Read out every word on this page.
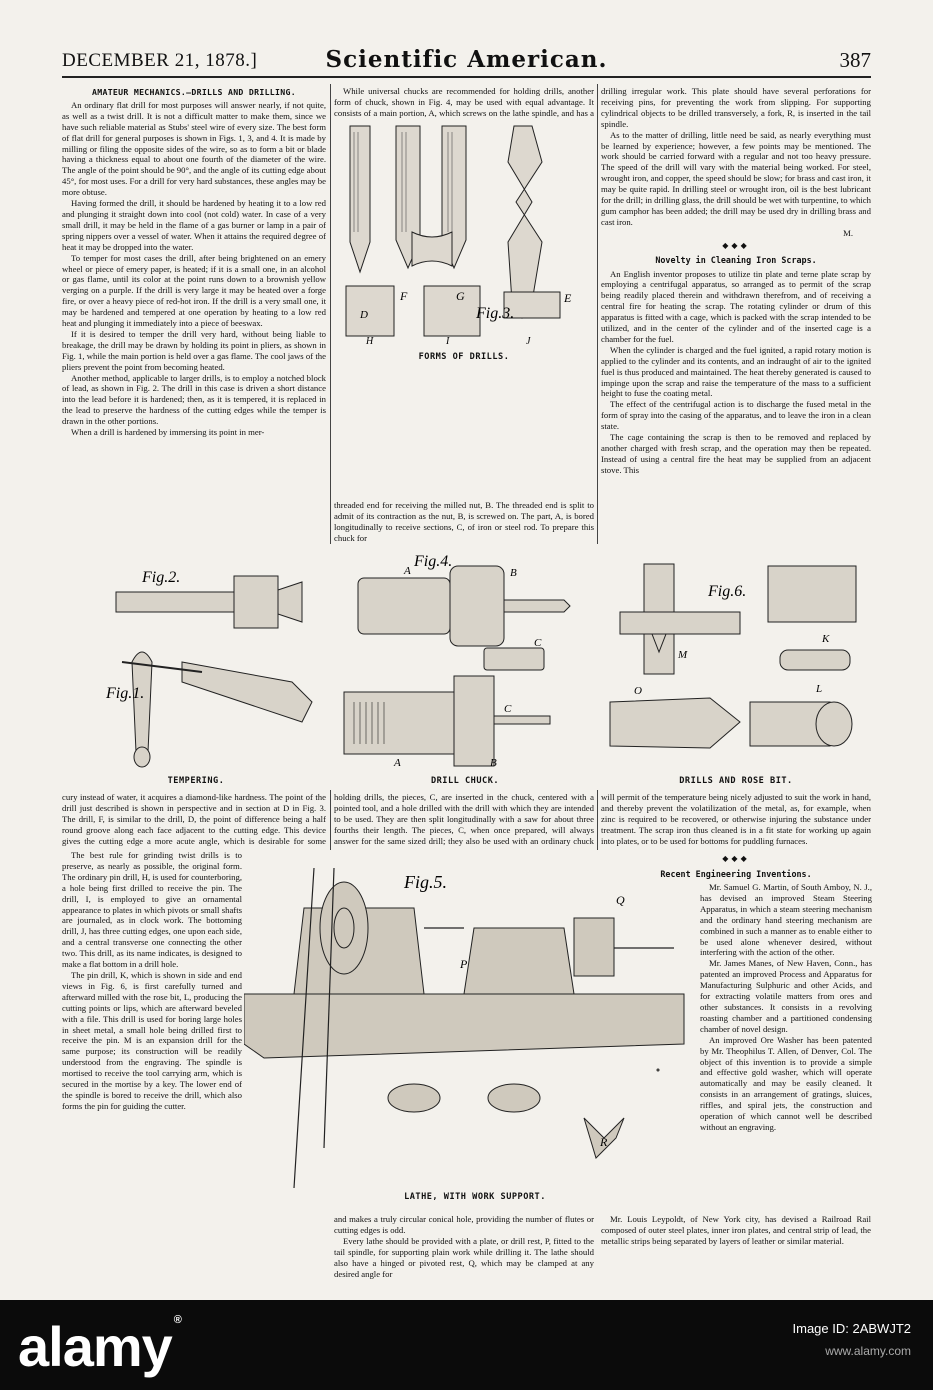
DECEMBER 21, 1878.]	Scientific American.	387
AMATEUR MECHANICS.—DRILLS AND DRILLING.

An ordinary flat drill for most purposes will answer nearly, if not quite, as well as a twist drill. It is not a difficult matter to make them, since we have such reliable material as Stubs' steel wire of every size. The best form of flat drill for general purposes is shown in Figs. 1, 3, and 4. It is made by milling or filing the opposite sides of the wire, so as to form a bit or blade having a thickness equal to about one fourth of the diameter of the wire. The angle of the point should be 90°, and the angle of its cutting edge about 45°, for most uses. For a drill for very hard substances, these angles may be more obtuse.

Having formed the drill, it should be hardened by heating it to a low red and plunging it straight down into cool (not cold) water. In case of a very small drill, it may be held in the flame of a gas burner or lamp in a pair of spring nippers over a vessel of water. When it attains the required degree of heat it may be dropped into the water.

To temper for most cases the drill, after being brightened on an emery wheel or piece of emery paper, is heated; if it is a small one, in an alcohol or gas flame, until its color at the point runs down to a brownish yellow verging on a purple. If the drill is very large it may be heated over a forge fire, or over a heavy piece of red-hot iron. If the drill is a very small one, it may be hardened and tempered at one operation by heating to a low red heat and plunging it immediately into a piece of beeswax.

If it is desired to temper the drill very hard, without being liable to breakage, the drill may be drawn by holding its point in pliers, as shown in Fig. 1, while the main portion is held over a gas flame. The cool jaws of the pliers prevent the point from becoming heated.

Another method, applicable to larger drills, is to employ a notched block of lead, as shown in Fig. 2. The drill in this case is driven a short distance into the lead before it is hardened; then, as it is tempered, it is replaced in the lead to preserve the hardness of the cutting edges while the temper is drawn in the other portions.

When a drill is hardened by immersing its point in mer-

While universal chucks are recommended for holding drills, another form of chuck, shown in Fig. 4, may be used with equal advantage. It consists of a main portion, A, which screws on the lathe spindle, and has a

D
F	G	E
H	I	J
Fig.3.
FORMS OF DRILLS.

threaded end for receiving the milled nut, B. The threaded end is split to admit of its contraction as the nut, B, is screwed on. The part, A, is bored longitudinally to receive sections, C, of iron or steel rod. To prepare this chuck for

drilling irregular work. This plate should have several perforations for receiving pins, for preventing the work from slipping. For supporting cylindrical objects to be drilled transversely, a fork, R, is inserted in the tail spindle.

As to the matter of drilling, little need be said, as nearly everything must be learned by experience; however, a few points may be mentioned. The work should be carried forward with a regular and not too heavy pressure. The speed of the drill will vary with the material being worked. For steel, wrought iron, and copper, the speed should be slow; for brass and cast iron, it may be quite rapid. In drilling steel or wrought iron, oil is the best lubricant for the drill; in drilling glass, the drill should be wet with turpentine, to which gum camphor has been added; the drill may be used dry in drilling brass and cast iron.

M.

◆◆◆
Novelty in Cleaning Iron Scraps.

An English inventor proposes to utilize tin plate and terne plate scrap by employing a centrifugal apparatus, so arranged as to permit of the scrap being readily placed therein and withdrawn therefrom, and of receiving a central fire for heating the scrap. The rotating cylinder or drum of this apparatus is fitted with a cage, which is packed with the scrap intended to be utilized, and in the center of the cylinder and of the inserted cage is a chamber for the fuel.

When the cylinder is charged and the fuel ignited, a rapid rotary motion is applied to the cylinder and its contents, and an indraught of air to the ignited fuel is thus produced and maintained. The heat thereby generated is caused to impinge upon the scrap and raise the temperature of the mass to a sufficient height to fuse the coating metal.

The effect of the centrifugal action is to discharge the fused metal in the form of spray into the casing of the apparatus, and to leave the iron in a clean state.

The cage containing the scrap is then to be removed and replaced by another charged with fresh scrap, and the operation may then be repeated. Instead of using a central fire the heat may be supplied from an adjacent stove. This

Fig.2.
Fig.1.
TEMPERING.
Fig.4.
A	B
C
C
A	B
DRILL CHUCK.
Fig.6.
M
K
O	L
DRILLS AND ROSE BIT.

cury instead of water, it acquires a diamond-like hardness. The point of the drill just described is shown in perspective and in section at D in Fig. 3. The drill, F, is similar to the drill, D, the point of difference being a half round groove along each face adjacent to the cutting edge. This device gives the cutting edge a more acute angle, which is desirable for some

The best rule for grinding twist drills is to preserve, as nearly as possible, the original form. The ordinary pin drill, H, is used for counterboring, a hole being first drilled to receive the pin. The drill, I, is employed to give an ornamental appearance to plates in which pivots or small shafts are journaled, as in clock work. The bottoming drill, J, has three cutting edges, one upon each side, and a central transverse one connecting the other two. This drill, as its name indicates, is designed to make a flat bottom in a drill hole.

The pin drill, K, which is shown in side and end views in Fig. 6, is first carefully turned and afterward milled with the rose bit, L, producing the cutting points or lips, which are afterward beveled with a file. This drill is used for boring large holes in sheet metal, a small hole being drilled first to receive the pin. M is an expansion drill for the same purpose; its construction will be readily understood from the engraving. The spindle is mortised to receive the tool carrying arm, which is secured in the mortise by a key. The lower end of the spindle is bored to receive the drill, which also forms the pin for guiding the cutter.

holding drills, the pieces, C, are inserted in the chuck, centered with a pointed tool, and a hole drilled with the drill with which they are intended to be used. They are then split longitudinally with a saw for about three fourths their length. The pieces, C, when once prepared, will always answer for the same sized drill; they also be used with an ordinary chuck

will permit of the temperature being nicely adjusted to suit the work in hand, and thereby prevent the volatilization of the metal, as, for example, when zinc is required to be recovered, or otherwise injuring the substance under treatment. The scrap iron thus cleaned is in a fit state for working up again into plates, or to be used for bottoms for puddling furnaces.

◆◆◆
Recent Engineering Inventions.

Mr. Samuel G. Martin, of South Amboy, N. J., has devised an improved Steam Steering Apparatus, in which a steam steering mechanism and the ordinary hand steering mechanism are combined in such a manner as to enable either to be used alone whenever desired, without interfering with the action of the other.

Mr. James Manes, of New Haven, Conn., has patented an improved Process and Apparatus for Manufacturing Sulphuric and other Acids, and for extracting volatile matters from ores and other substances. It consists in a revolving roasting chamber and a partitioned condensing chamber of novel design.

An improved Ore Washer has been patented by Mr. Theophilus T. Allen, of Denver, Col. The object of this invention is to provide a simple and effective gold washer, which will operate automatically and may be easily cleaned. It consists in an arrangement of gratings, sluices, riffles, and spiral jets, the construction and operation of which cannot well be described without an engraving.

Fig.5.
P
Q
R
LATHE, WITH WORK SUPPORT.

and makes a truly circular conical hole, providing the number of flutes or cutting edges is odd.

Every lathe should be provided with a plate, or drill rest, P, fitted to the tail spindle, for supporting plain work while drilling it. The lathe should also have a hinged or pivoted rest, Q, which may be clamped at any desired angle for

Mr. Louis Leypoldt, of New York city, has devised a Railroad Rail composed of outer steel plates, inner iron plates, and central strip of lead, the metallic strips being separated by layers of leather or similar material.

alamy ®
Image ID: 2ABWJT2
www.alamy.com
